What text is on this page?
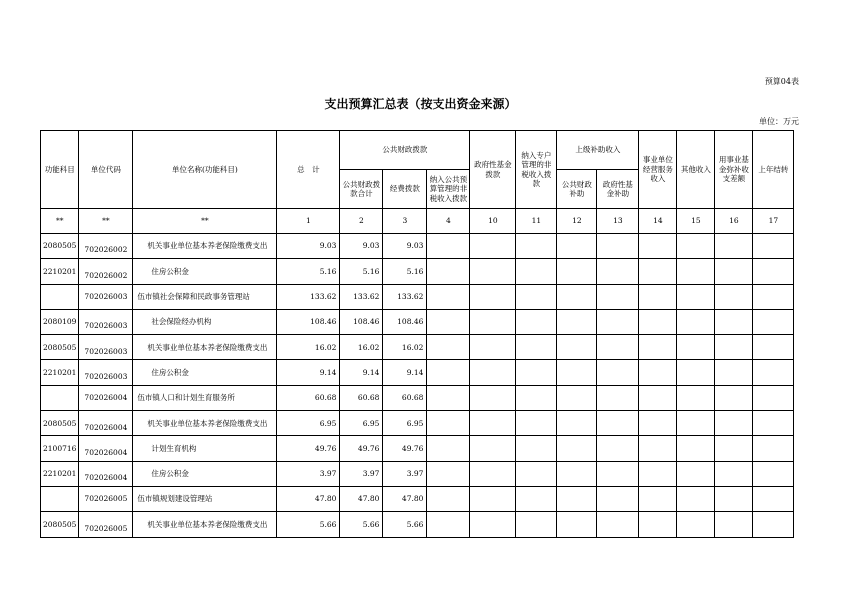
预算04表
支出预算汇总表（按支出资金来源）
单位：万元
功能科目	单位代码	单位名称(功能科目)	总　计	公共财政拨款			政府性基金拨款	纳入专户管理的非税收入拨款	上级补助收入		事业单位经营服务收入	其他收入	用事业基金弥补收支差额	上年结转
				公共财政拨款合计	经费拨款	纳入公共预算管理的非税收入拨款			公共财政补助	政府性基金补助				
**	**	**	1	2	3	4	10	11	12	13	14	15	16	17
2080505	702026002	机关事业单位基本养老保险缴费支出	9.03	9.03	9.03									
2210201	702026002	住房公积金	5.16	5.16	5.16									
	702026003	伍市镇社会保障和民政事务管理站	133.62	133.62	133.62									
2080109	702026003	社会保险经办机构	108.46	108.46	108.46									
2080505	702026003	机关事业单位基本养老保险缴费支出	16.02	16.02	16.02									
2210201	702026003	住房公积金	9.14	9.14	9.14									
	702026004	伍市镇人口和计划生育服务所	60.68	60.68	60.68									
2080505	702026004	机关事业单位基本养老保险缴费支出	6.95	6.95	6.95									
2100716	702026004	计划生育机构	49.76	49.76	49.76									
2210201	702026004	住房公积金	3.97	3.97	3.97									
	702026005	伍市镇规划建设管理站	47.80	47.80	47.80									
2080505	702026005	机关事业单位基本养老保险缴费支出	5.66	5.66	5.66									
